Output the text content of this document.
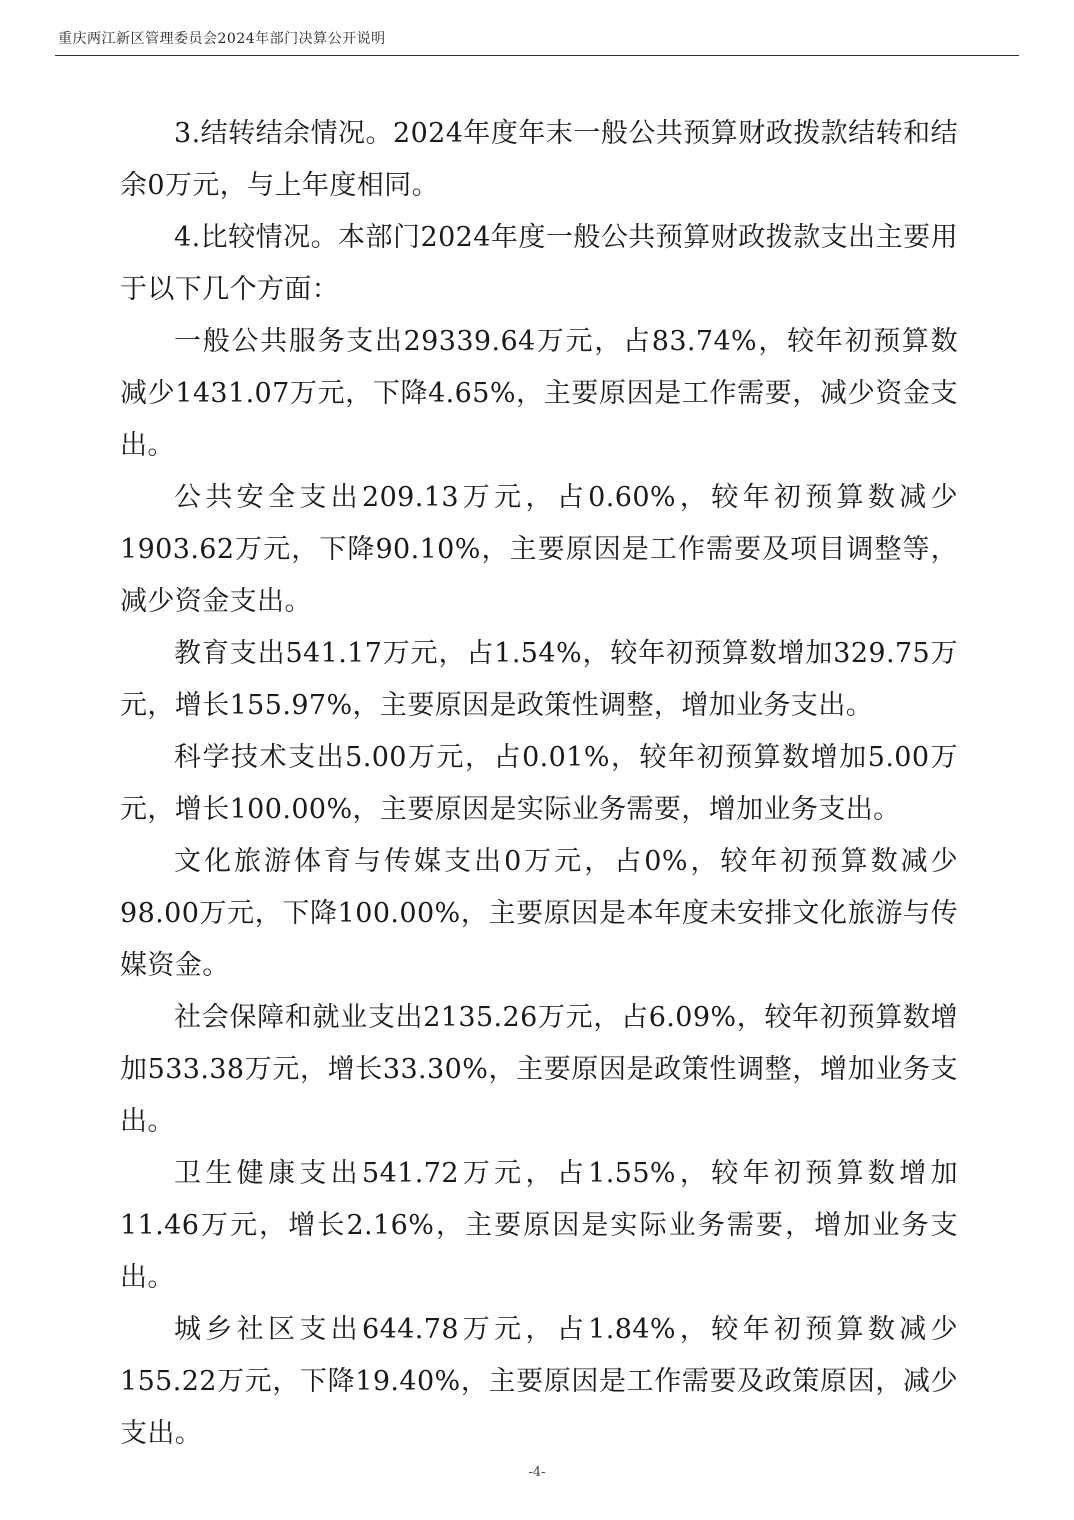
重庆两江新区管理委员会2024年部门决算公开说明

3.结转结余情况。2024年度年末一般公共预算财政拨款结转和结余0万元，与上年度相同。

4.比较情况。本部门2024年度一般公共预算财政拨款支出主要用于以下几个方面：

一般公共服务支出29339.64万元，占83.74%，较年初预算数减少1431.07万元，下降4.65%，主要原因是工作需要，减少资金支出。

公共安全支出209.13万元，占0.60%，较年初预算数减少1903.62万元，下降90.10%，主要原因是工作需要及项目调整等，减少资金支出。

教育支出541.17万元，占1.54%，较年初预算数增加329.75万元，增长155.97%，主要原因是政策性调整，增加业务支出。

科学技术支出5.00万元，占0.01%，较年初预算数增加5.00万元，增长100.00%，主要原因是实际业务需要，增加业务支出。

文化旅游体育与传媒支出0万元，占0%，较年初预算数减少98.00万元，下降100.00%，主要原因是本年度未安排文化旅游与传媒资金。

社会保障和就业支出2135.26万元，占6.09%，较年初预算数增加533.38万元，增长33.30%，主要原因是政策性调整，增加业务支出。

卫生健康支出541.72万元，占1.55%，较年初预算数增加11.46万元，增长2.16%，主要原因是实际业务需要，增加业务支出。

城乡社区支出644.78万元，占1.84%，较年初预算数减少155.22万元，下降19.40%，主要原因是工作需要及政策原因，减少支出。

-4-
